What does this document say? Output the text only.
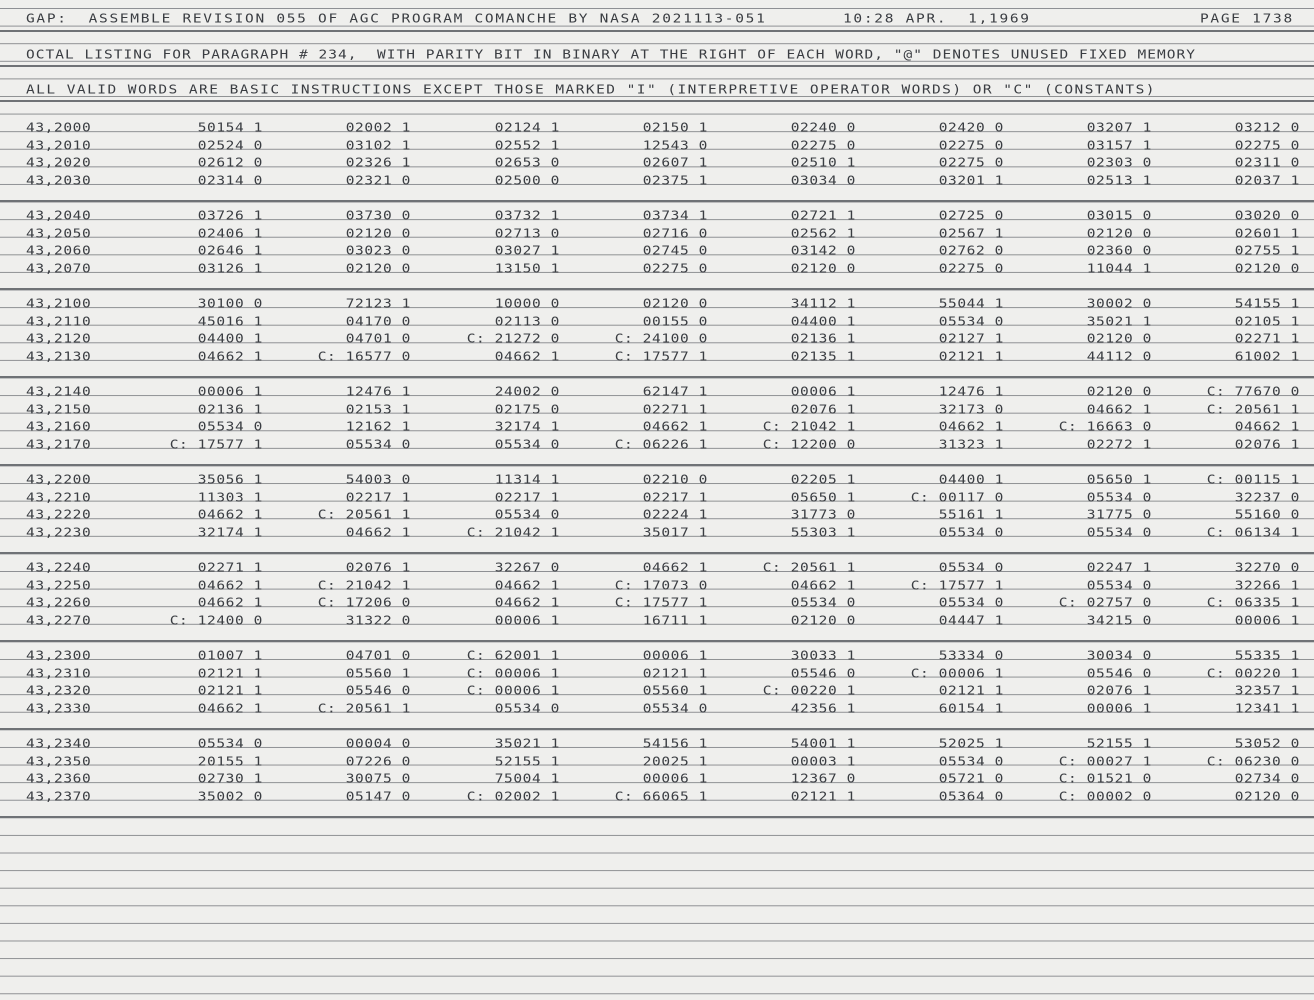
GAP:  ASSEMBLE REVISION 055 OF AGC PROGRAM COMANCHE BY NASA 2021113-051	10:28 APR.  1,1969	PAGE 1738
OCTAL LISTING FOR PARAGRAPH # 234,  WITH PARITY BIT IN BINARY AT THE RIGHT OF EACH WORD, "@" DENOTES UNUSED FIXED MEMORY
ALL VALID WORDS ARE BASIC INSTRUCTIONS EXCEPT THOSE MARKED "I" (INTERPRETIVE OPERATOR WORDS) OR "C" (CONSTANTS)
43,2000	50154 1	02002 1	02124 1	02150 1	02240 0	02420 0	03207 1	03212 0
43,2010	02524 0	03102 1	02552 1	12543 0	02275 0	02275 0	03157 1	02275 0
43,2020	02612 0	02326 1	02653 0	02607 1	02510 1	02275 0	02303 0	02311 0
43,2030	02314 0	02321 0	02500 0	02375 1	03034 0	03201 1	02513 1	02037 1
43,2040	03726 1	03730 0	03732 1	03734 1	02721 1	02725 0	03015 0	03020 0
43,2050	02406 1	02120 0	02713 0	02716 0	02562 1	02567 1	02120 0	02601 1
43,2060	02646 1	03023 0	03027 1	02745 0	03142 0	02762 0	02360 0	02755 1
43,2070	03126 1	02120 0	13150 1	02275 0	02120 0	02275 0	11044 1	02120 0
43,2100	30100 0	72123 1	10000 0	02120 0	34112 1	55044 1	30002 0	54155 1
43,2110	45016 1	04170 0	02113 0	00155 0	04400 1	05534 0	35021 1	02105 1
43,2120	04400 1	04701 0	C: 21272 0	C: 24100 0	02136 1	02127 1	02120 0	02271 1
43,2130	04662 1	C: 16577 0	04662 1	C: 17577 1	02135 1	02121 1	44112 0	61002 1
43,2140	00006 1	12476 1	24002 0	62147 1	00006 1	12476 1	02120 0	C: 77670 0
43,2150	02136 1	02153 1	02175 0	02271 1	02076 1	32173 0	04662 1	C: 20561 1
43,2160	05534 0	12162 1	32174 1	04662 1	C: 21042 1	04662 1	C: 16663 0	04662 1
43,2170	C: 17577 1	05534 0	05534 0	C: 06226 1	C: 12200 0	31323 1	02272 1	02076 1
43,2200	35056 1	54003 0	11314 1	02210 0	02205 1	04400 1	05650 1	C: 00115 1
43,2210	11303 1	02217 1	02217 1	02217 1	05650 1	C: 00117 0	05534 0	32237 0
43,2220	04662 1	C: 20561 1	05534 0	02224 1	31773 0	55161 1	31775 0	55160 0
43,2230	32174 1	04662 1	C: 21042 1	35017 1	55303 1	05534 0	05534 0	C: 06134 1
43,2240	02271 1	02076 1	32267 0	04662 1	C: 20561 1	05534 0	02247 1	32270 0
43,2250	04662 1	C: 21042 1	04662 1	C: 17073 0	04662 1	C: 17577 1	05534 0	32266 1
43,2260	04662 1	C: 17206 0	04662 1	C: 17577 1	05534 0	05534 0	C: 02757 0	C: 06335 1
43,2270	C: 12400 0	31322 0	00006 1	16711 1	02120 0	04447 1	34215 0	00006 1
43,2300	01007 1	04701 0	C: 62001 1	00006 1	30033 1	53334 0	30034 0	55335 1
43,2310	02121 1	05560 1	C: 00006 1	02121 1	05546 0	C: 00006 1	05546 0	C: 00220 1
43,2320	02121 1	05546 0	C: 00006 1	05560 1	C: 00220 1	02121 1	02076 1	32357 1
43,2330	04662 1	C: 20561 1	05534 0	05534 0	42356 1	60154 1	00006 1	12341 1
43,2340	05534 0	00004 0	35021 1	54156 1	54001 1	52025 1	52155 1	53052 0
43,2350	20155 1	07226 0	52155 1	20025 1	00003 1	05534 0	C: 00027 1	C: 06230 0
43,2360	02730 1	30075 0	75004 1	00006 1	12367 0	05721 0	C: 01521 0	02734 0
43,2370	35002 0	05147 0	C: 02002 1	C: 66065 1	02121 1	05364 0	C: 00002 0	02120 0
